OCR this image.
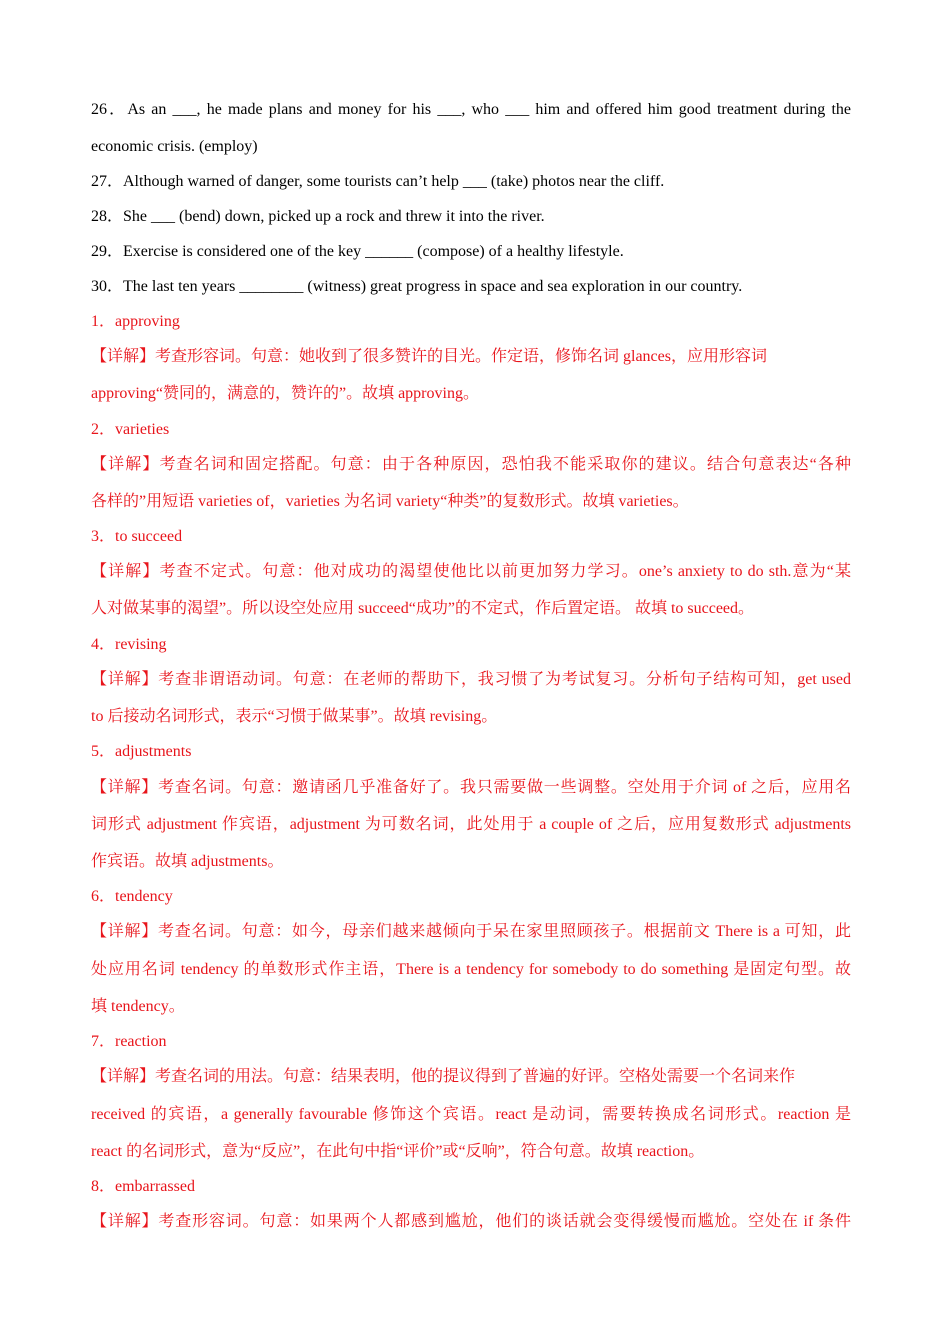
26．As an ___, he made plans and money for his ___, who ___ him and offered him good treatment during the
economic crisis. (employ)
27．Although warned of danger, some tourists can’t help ___ (take) photos near the cliff.
28．She ___ (bend) down, picked up a rock and threw it into the river.
29．Exercise is considered one of the key ______ (compose) of a healthy lifestyle.
30．The last ten years ________ (witness) great progress in space and sea exploration in our country.
1．approving
【详解】考查形容词。句意：她收到了很多赞许的目光。作定语，修饰名词 glances，应用形容词
approving“赞同的，满意的，赞许的”。故填 approving。
2．varieties
【详解】考查名词和固定搭配。句意：由于各种原因，恐怕我不能采取你的建议。结合句意表达“各种
各样的”用短语 varieties of，varieties 为名词 variety“种类”的复数形式。故填 varieties。
3．to succeed
【详解】考查不定式。句意：他对成功的渴望使他比以前更加努力学习。one’s anxiety to do sth.意为“某
人对做某事的渴望”。所以设空处应用 succeed“成功”的不定式，作后置定语。 故填 to succeed。
4．revising
【详解】考查非谓语动词。句意：在老师的帮助下，我习惯了为考试复习。分析句子结构可知，get used
to 后接动名词形式，表示“习惯于做某事”。故填 revising。
5．adjustments
【详解】考查名词。句意：邀请函几乎准备好了。我只需要做一些调整。空处用于介词 of 之后，应用名
词形式 adjustment 作宾语，adjustment 为可数名词，此处用于 a couple of 之后，应用复数形式 adjustments
作宾语。故填 adjustments。
6．tendency
【详解】考查名词。句意：如今，母亲们越来越倾向于呆在家里照顾孩子。根据前文 There is a 可知，此
处应用名词 tendency 的单数形式作主语，There is a tendency for somebody to do something 是固定句型。故
填 tendency。
7．reaction
【详解】考查名词的用法。句意：结果表明，他的提议得到了普遍的好评。空格处需要一个名词来作
received 的宾语，a generally favourable 修饰这个宾语。react 是动词，需要转换成名词形式。reaction 是
react 的名词形式，意为“反应”，在此句中指“评价”或“反响”，符合句意。故填 reaction。
8．embarrassed
【详解】考查形容词。句意：如果两个人都感到尴尬，他们的谈话就会变得缓慢而尴尬。空处在 if 条件
